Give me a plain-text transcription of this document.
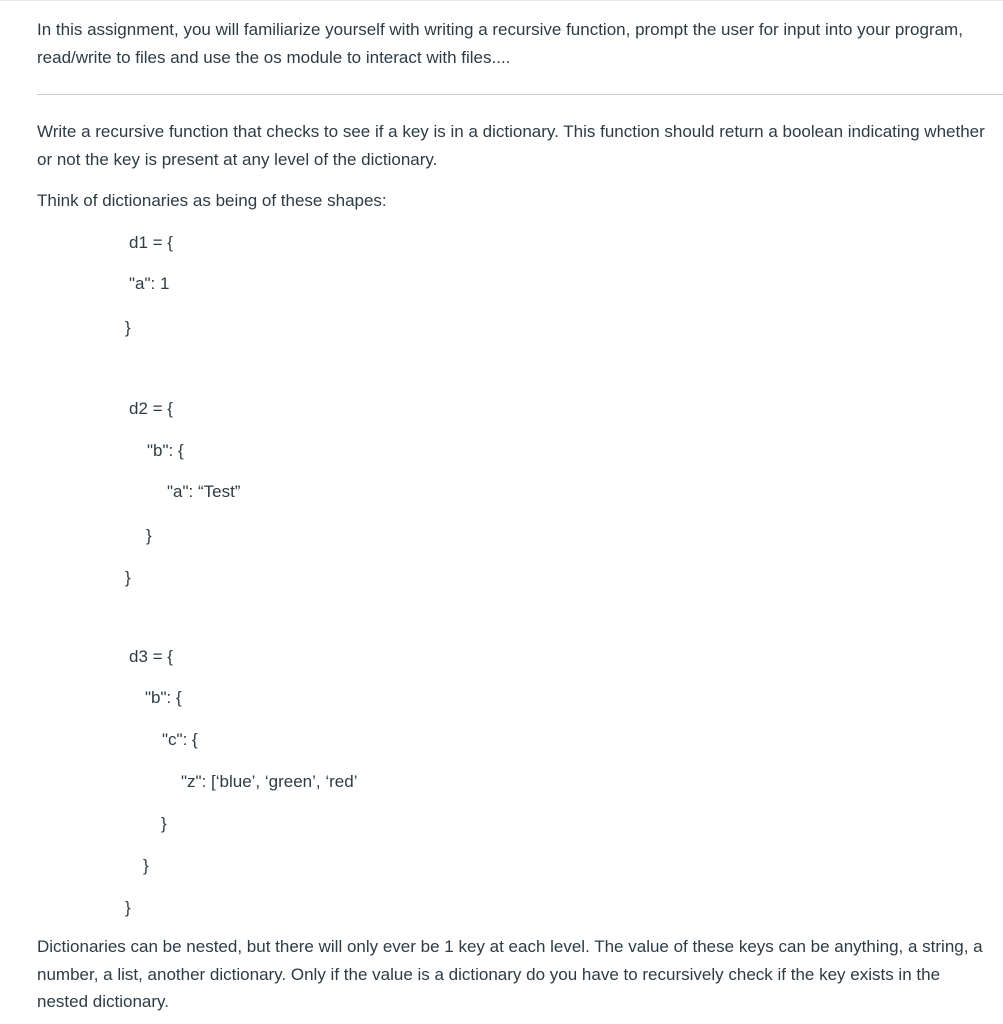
In this assignment, you will familiarize yourself with writing a recursive function, prompt the user for input into your program, read/write to files and use the os module to interact with files....

Write a recursive function that checks to see if a key is in a dictionary. This function should return a boolean indicating whether or not the key is present at any level of the dictionary.

Think of dictionaries as being of these shapes:

d1 = {
"a": 1
}
d2 = {
"b": {
"a": “Test”
}
}
d3 = {
"b": {
"c": {
"z": [‘blue’, ‘green’, ‘red’
}
}
}

Dictionaries can be nested, but there will only ever be 1 key at each level. The value of these keys can be anything, a string, a number, a list, another dictionary. Only if the value is a dictionary do you have to recursively check if the key exists in the nested dictionary.
